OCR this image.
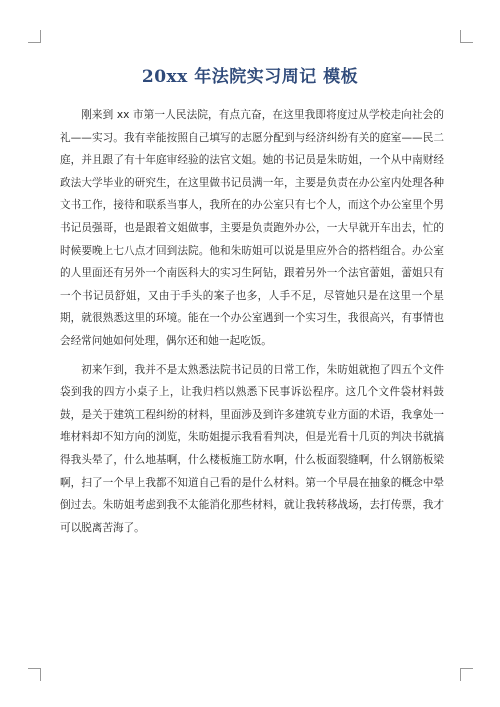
20xx 年法院实习周记 模板

刚来到 xx 市第一人民法院，有点亢奋，在这里我即将度过从学校走向社会的礼——实习。我有幸能按照自己填写的志愿分配到与经济纠纷有关的庭室——民二庭，并且跟了有十年庭审经验的法官文姐。她的书记员是朱昉姐，一个从中南财经政法大学毕业的研究生，在这里做书记员满一年，主要是负责在办公室内处理各种文书工作，接待和联系当事人，我所在的办公室只有七个人，而这个办公室里个男书记员强哥，也是跟着文姐做事，主要是负责跑外办公，一大早就开车出去，忙的时候要晚上七八点才回到法院。他和朱昉姐可以说是里应外合的搭档组合。办公室的人里面还有另外一个南医科大的实习生阿钻，跟着另外一个法官蕾姐，蕾姐只有一个书记员舒姐，又由于手头的案子也多，人手不足，尽管她只是在这里一个星期，就很熟悉这里的环境。能在一个办公室遇到一个实习生，我很高兴，有事情也会经常问她如何处理，偶尔还和她一起吃饭。

初来乍到，我并不是太熟悉法院书记员的日常工作，朱昉姐就抱了四五个文件袋到我的四方小桌子上，让我归档以熟悉下民事诉讼程序。这几个文件袋材料鼓鼓，是关于建筑工程纠纷的材料，里面涉及到许多建筑专业方面的术语，我拿处一堆材料却不知方向的浏览，朱昉姐提示我看看判决，但是光看十几页的判决书就搞得我头晕了，什么地基啊，什么楼板施工防水啊，什么板面裂缝啊，什么钢筋板梁啊，扫了一个早上我都不知道自己看的是什么材料。第一个早晨在抽象的概念中晕倒过去。朱昉姐考虑到我不太能消化那些材料，就让我转移战场，去打传票，我才可以脱离苦海了。
